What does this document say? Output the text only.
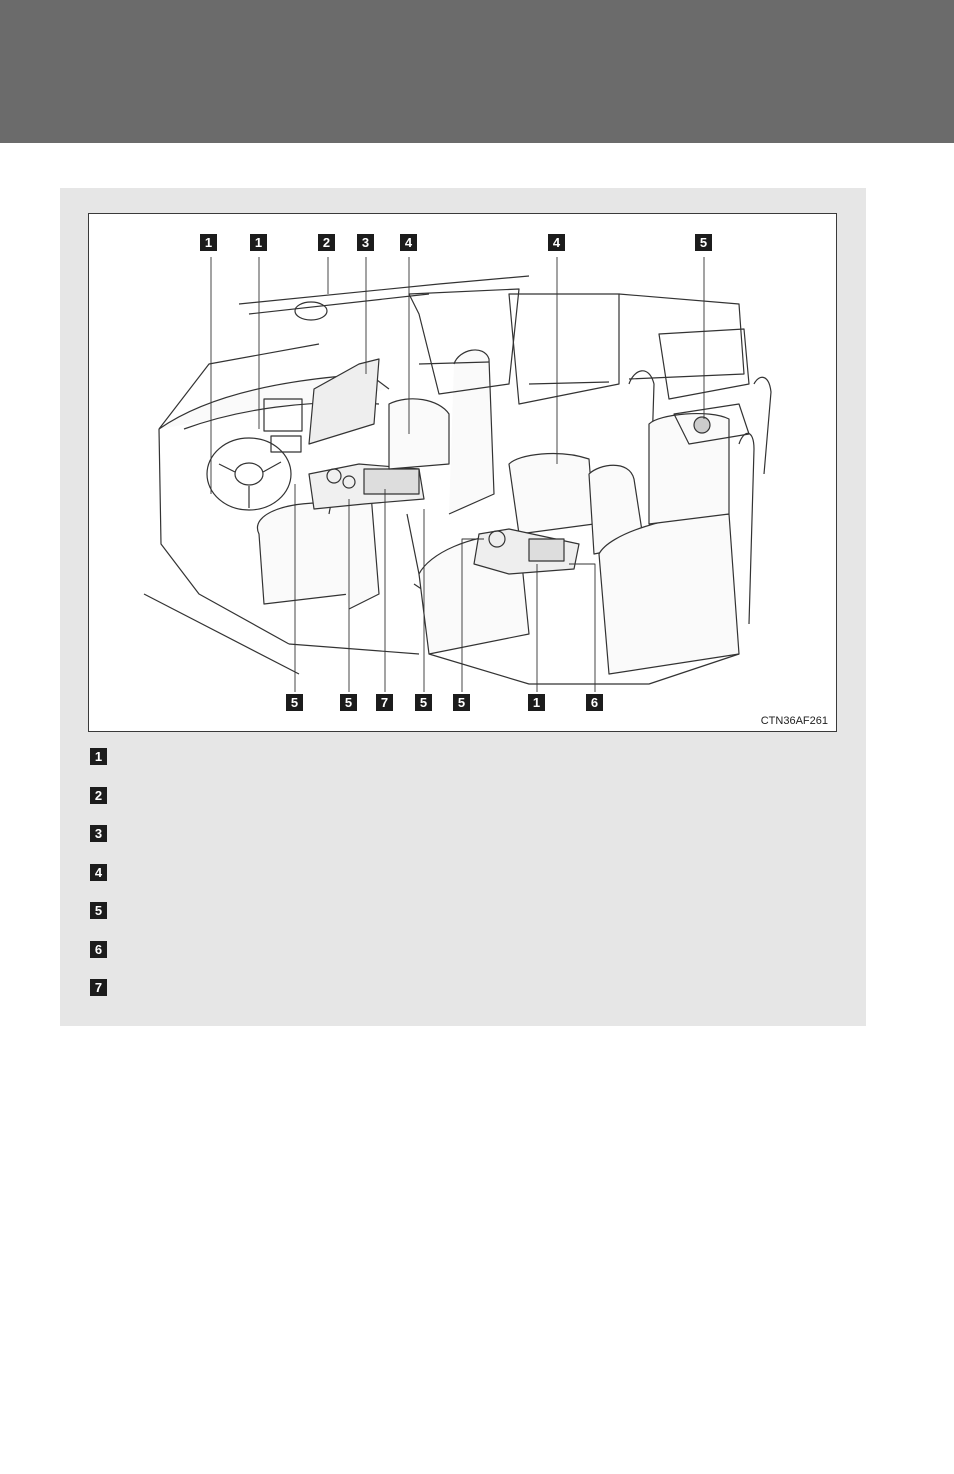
CTN36AF261
1	1	2	3	4	4	5
5	5	7	5	5	1	6
1
2
3
4
5
6
7
